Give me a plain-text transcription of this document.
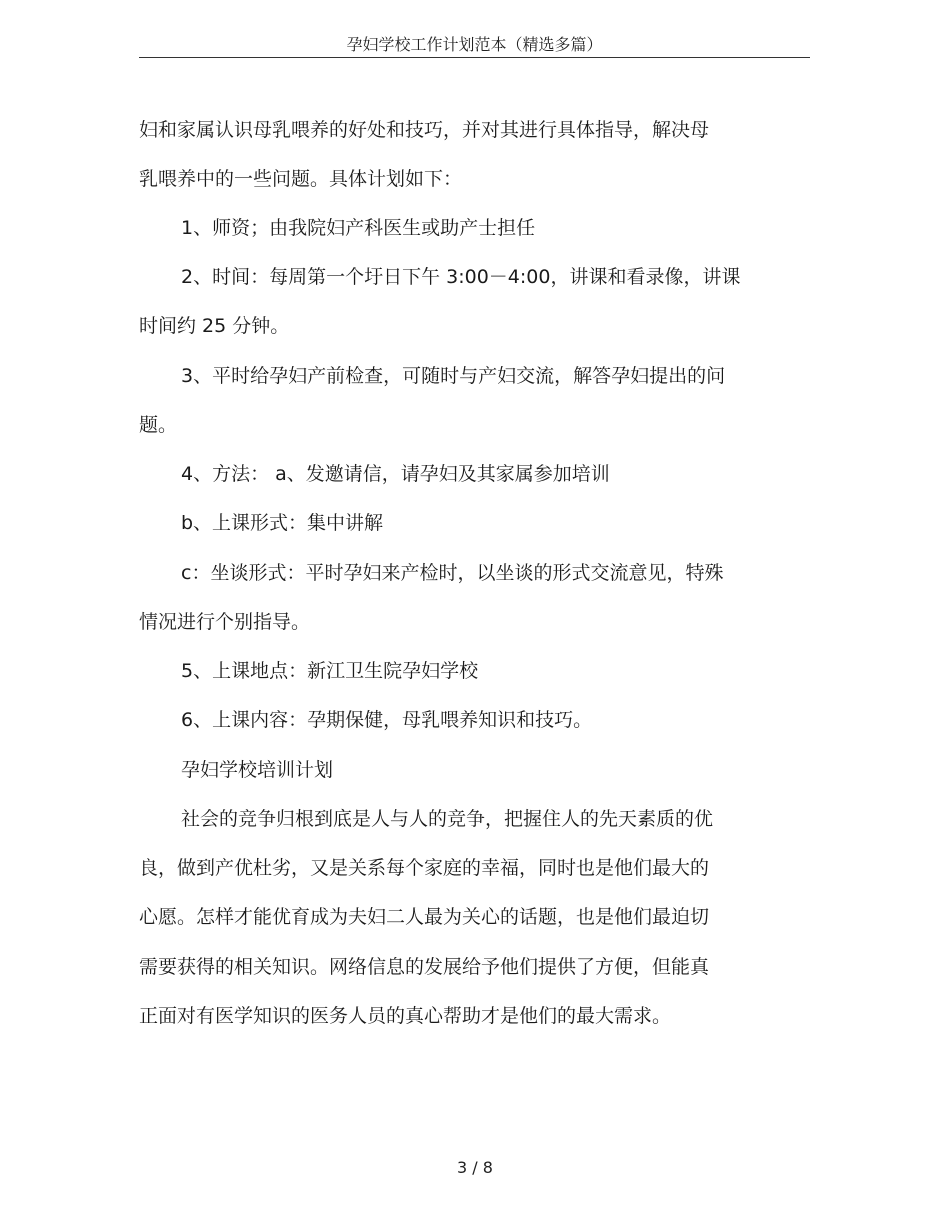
孕妇学校工作计划范本（精选多篇）
妇和家属认识母乳喂养的好处和技巧，并对其进行具体指导，解决母
乳喂养中的一些问题。具体计划如下：
1、师资；由我院妇产科医生或助产士担任
2、时间：每周第一个圩日下午 3:00－4:00，讲课和看录像，讲课
时间约 25 分钟。
3、平时给孕妇产前检查，可随时与产妇交流，解答孕妇提出的问
题。
4、方法： a、发邀请信，请孕妇及其家属参加培训
b、上课形式：集中讲解
c：坐谈形式：平时孕妇来产检时，以坐谈的形式交流意见，特殊
情况进行个别指导。
5、上课地点：新江卫生院孕妇学校
6、上课内容：孕期保健，母乳喂养知识和技巧。
孕妇学校培训计划
社会的竞争归根到底是人与人的竞争，把握住人的先天素质的优
良，做到产优杜劣，又是关系每个家庭的幸福，同时也是他们最大的
心愿。怎样才能优育成为夫妇二人最为关心的话题，也是他们最迫切
需要获得的相关知识。网络信息的发展给予他们提供了方便，但能真
正面对有医学知识的医务人员的真心帮助才是他们的最大需求。
3 / 8
